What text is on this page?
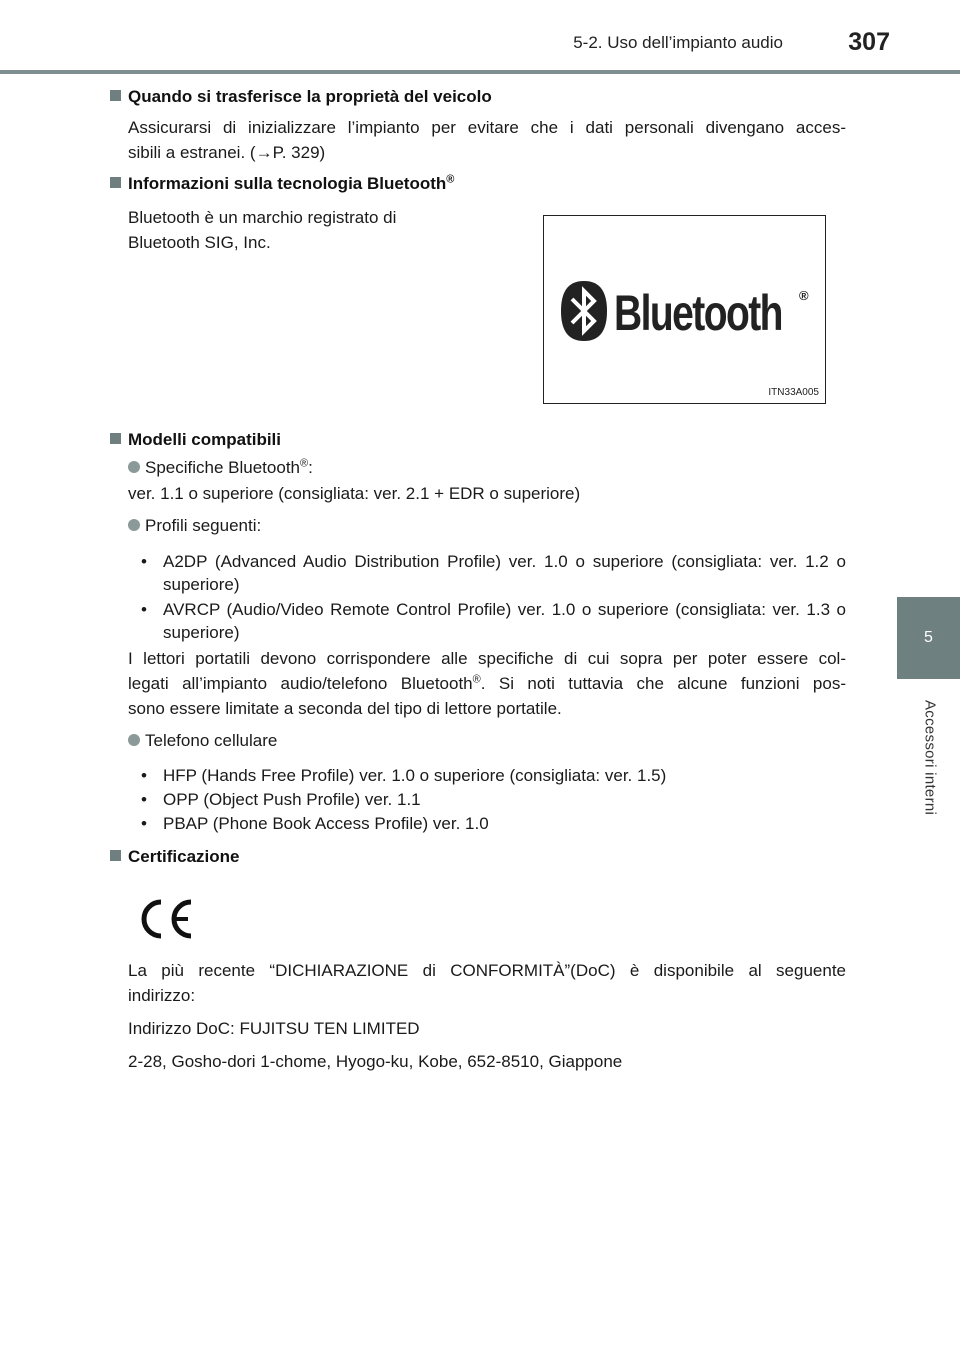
5-2. Uso dell’impianto audio	307
5
Accessori interni
Quando si trasferisce la proprietà del veicolo
Assicurarsi di inizializzare l’impianto per evitare che i dati personali divengano acces-
sibili a estranei. (→P. 329)
Informazioni sulla tecnologia Bluetooth®
Bluetooth è un marchio registrato di
Bluetooth SIG, Inc.
Bluetooth ®
ITN33A005
Modelli compatibili
Specifiche Bluetooth®:
ver. 1.1 o superiore (consigliata: ver. 2.1 + EDR o superiore)
Profili seguenti:
• A2DP (Advanced Audio Distribution Profile) ver. 1.0 o superiore (consigliata: ver. 1.2 o superiore)
• AVRCP (Audio/Video Remote Control Profile) ver. 1.0 o superiore (consigliata: ver. 1.3 o superiore)
I lettori portatili devono corrispondere alle specifiche di cui sopra per poter essere col-
legati all’impianto audio/telefono Bluetooth®. Si noti tuttavia che alcune funzioni pos-
sono essere limitate a seconda del tipo di lettore portatile.
Telefono cellulare
• HFP (Hands Free Profile) ver. 1.0 o superiore (consigliata: ver. 1.5)
• OPP (Object Push Profile) ver. 1.1
• PBAP (Phone Book Access Profile) ver. 1.0
Certificazione
La più recente “DICHIARAZIONE di CONFORMITÀ”(DoC) è disponibile al seguente
indirizzo:
Indirizzo DoC: FUJITSU TEN LIMITED
2-28, Gosho-dori 1-chome, Hyogo-ku, Kobe, 652-8510, Giappone
